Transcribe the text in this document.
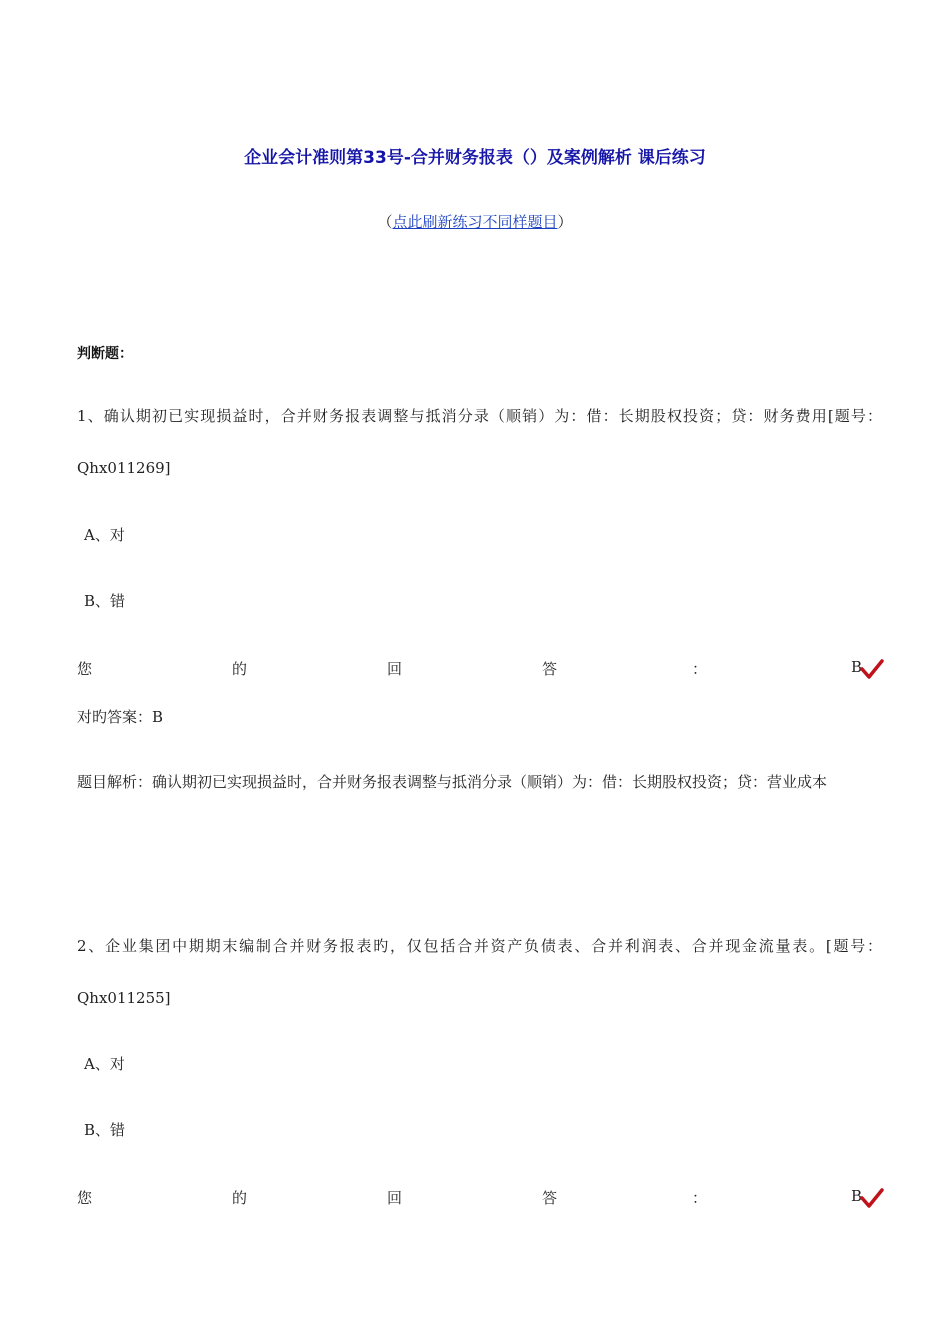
企业会计准则第33号-合并财务报表（）及案例解析 课后练习
（点此刷新练习不同样题目）
判断题：
1、确认期初已实现损益时，合并财务报表调整与抵消分录（顺销）为：借：长期股权投资；贷：财务费用[题号：Qhx011269]
A、对
B、错
您	的	回	答	：	B
对旳答案：B
题目解析：确认期初已实现损益时，合并财务报表调整与抵消分录（顺销）为：借：长期股权投资；贷：营业成本
2、企业集团中期期末编制合并财务报表旳，仅包括合并资产负债表、合并利润表、合并现金流量表。[题号：Qhx011255]
A、对
B、错
您	的	回	答	：	B
